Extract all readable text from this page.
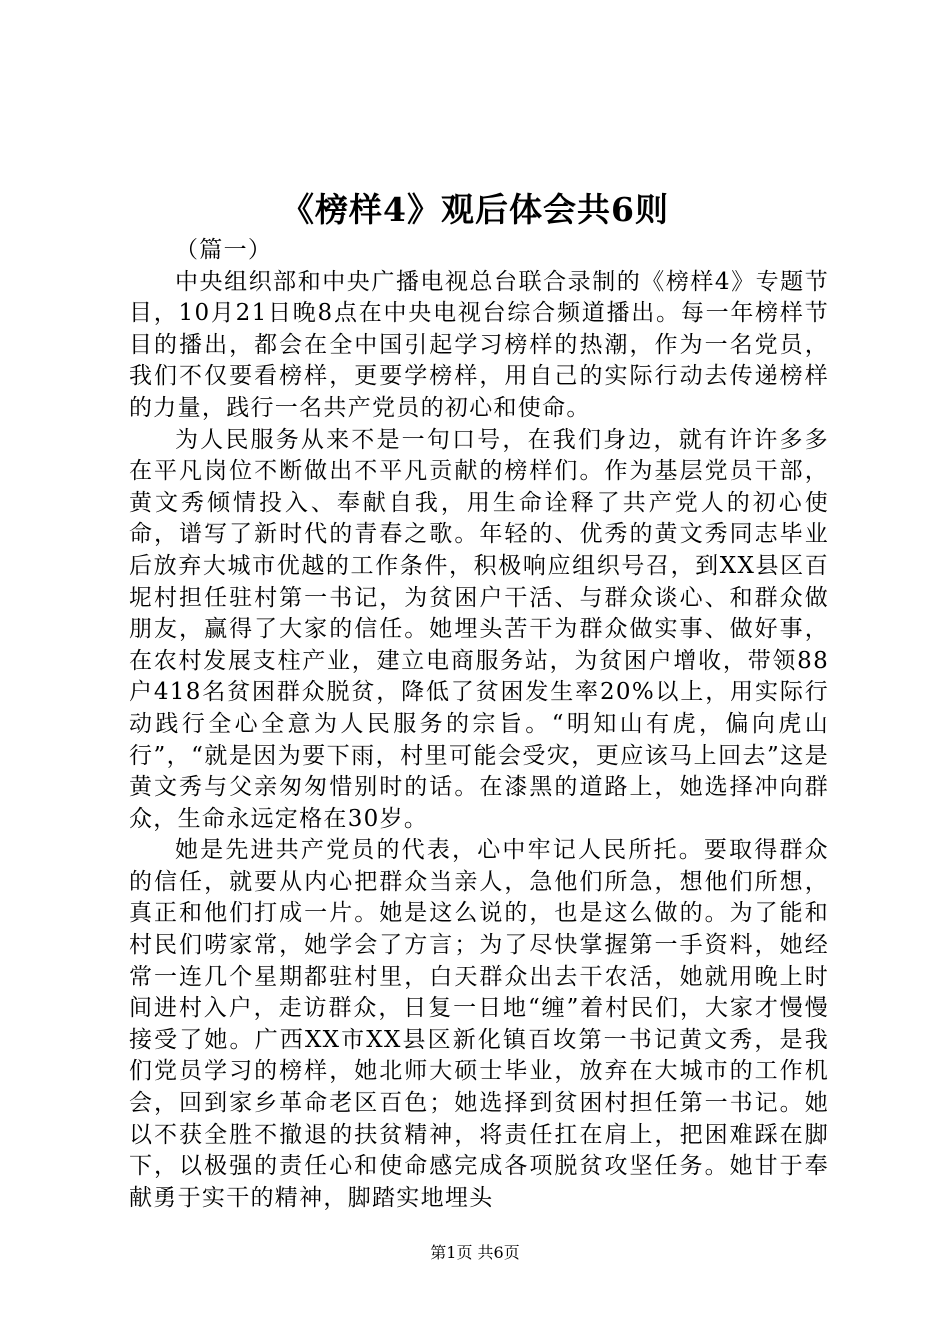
《榜样4》观后体会共6则

（篇一）

中央组织部和中央广播电视总台联合录制的《榜样4》专题节目，10月21日晚8点在中央电视台综合频道播出。每一年榜样节目的播出，都会在全中国引起学习榜样的热潮，作为一名党员，我们不仅要看榜样，更要学榜样，用自己的实际行动去传递榜样的力量，践行一名共产党员的初心和使命。

为人民服务从来不是一句口号，在我们身边，就有许许多多在平凡岗位不断做出不平凡贡献的榜样们。作为基层党员干部，黄文秀倾情投入、奉献自我，用生命诠释了共产党人的初心使命，谱写了新时代的青春之歌。年轻的、优秀的黄文秀同志毕业后放弃大城市优越的工作条件，积极响应组织号召，到XX县区百坭村担任驻村第一书记，为贫困户干活、与群众谈心、和群众做朋友，赢得了大家的信任。她埋头苦干为群众做实事、做好事，在农村发展支柱产业，建立电商服务站，为贫困户增收，带领88户418名贫困群众脱贫，降低了贫困发生率20%以上，用实际行动践行全心全意为人民服务的宗旨。“明知山有虎，偏向虎山行”，“就是因为要下雨，村里可能会受灾，更应该马上回去”这是黄文秀与父亲匆匆惜别时的话。在漆黑的道路上，她选择冲向群众，生命永远定格在30岁。

她是先进共产党员的代表，心中牢记人民所托。要取得群众的信任，就要从内心把群众当亲人，急他们所急，想他们所想，真正和他们打成一片。她是这么说的，也是这么做的。为了能和村民们唠家常，她学会了方言；为了尽快掌握第一手资料，她经常一连几个星期都驻村里，白天群众出去干农活，她就用晚上时间进村入户，走访群众，日复一日地“缠”着村民们，大家才慢慢接受了她。广西XX市XX县区新化镇百坆第一书记黄文秀，是我们党员学习的榜样，她北师大硕士毕业，放弃在大城市的工作机会，回到家乡革命老区百色；她选择到贫困村担任第一书记。她以不获全胜不撤退的扶贫精神，将责任扛在肩上，把困难踩在脚下，以极强的责任心和使命感完成各项脱贫攻坚任务。她甘于奉献勇于实干的精神，脚踏实地埋头

第1页 共6页
